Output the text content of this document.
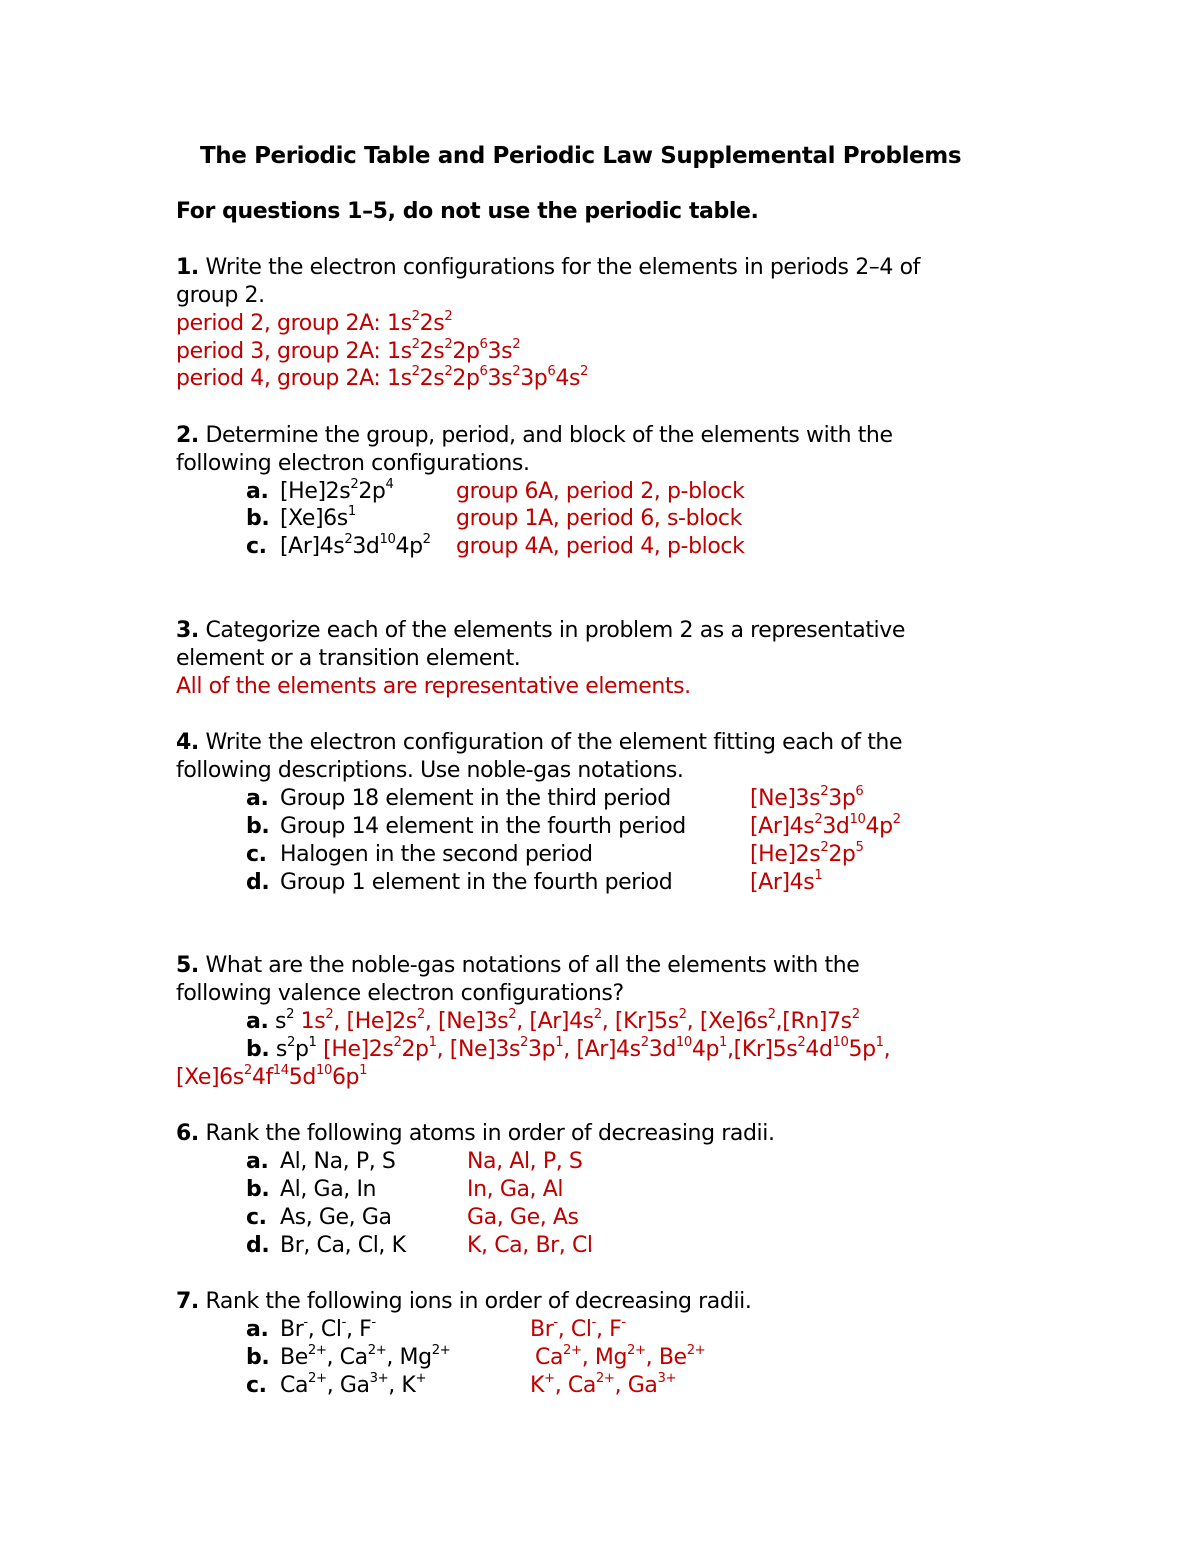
The Periodic Table and Periodic Law Supplemental Problems
For questions 1–5, do not use the periodic table.
1. Write the electron configurations for the elements in periods 2–4 of
group 2.
period 2, group 2A: $1s^22s^2$
period 3, group 2A: $1s^22s^22p^63s^2$
period 4, group 2A: $1s^22s^22p^63s^23p^64s^2$
2. Determine the group, period, and block of the elements with the
following electron configurations.
a. $[He]2s^22p^4$	group 6A, period 2, p-block
b. $[Xe]6s^1$	group 1A, period 6, s-block
c. $[Ar]4s^23d^{10}4p^2$ group 4A, period 4, p-block
3. Categorize each of the elements in problem 2 as a representative
element or a transition element.
All of the elements are representative elements.
4. Write the electron configuration of the element fitting each of the
following descriptions. Use noble-gas notations.
a. Group 18 element in the third period	$[Ne]3s^23p^6$
b. Group 14 element in the fourth period	$[Ar]4s^23d^{10}4p^2$
c. Halogen in the second period	$[He]2s^22p^5$
d. Group 1 element in the fourth period	$[Ar]4s^1$
5. What are the noble-gas notations of all the elements with the
following valence electron configurations?
a. $s^2$ $1s^2$, $[He]2s^2$, $[Ne]3s^2$, $[Ar]4s^2$, $[Kr]5s^2$, $[Xe]6s^2,[Rn]7s^2$
b. $s^2p^1$ $[He]2s^22p^1$, $[Ne]3s^23p^1$, $[Ar]4s^23d^{10}4p^1,[Kr]5s^24d^{10}5p^1$,
$[Xe]6s^24f^{14}5d^{10}6p^1$
6. Rank the following atoms in order of decreasing radii.
a. Al, Na, P, S	Na, Al, P, S
b. Al, Ga, In	In, Ga, Al
c. As, Ge, Ga	Ga, Ge, As
d. Br, Ca, Cl, K	K, Ca, Br, Cl
7. Rank the following ions in order of decreasing radii.
a. Br-, Cl-, F-	Br-, Cl-, F-
b. $Be^{2+}$, $Ca^{2+}$, $Mg^{2+}$	$Ca^{2+}$, $Mg^{2+}$, $Be^{2+}$
c. $Ca^{2+}$, $Ga^{3+}$, K+	K+, $Ca^{2+}$, $Ga^{3+}$
